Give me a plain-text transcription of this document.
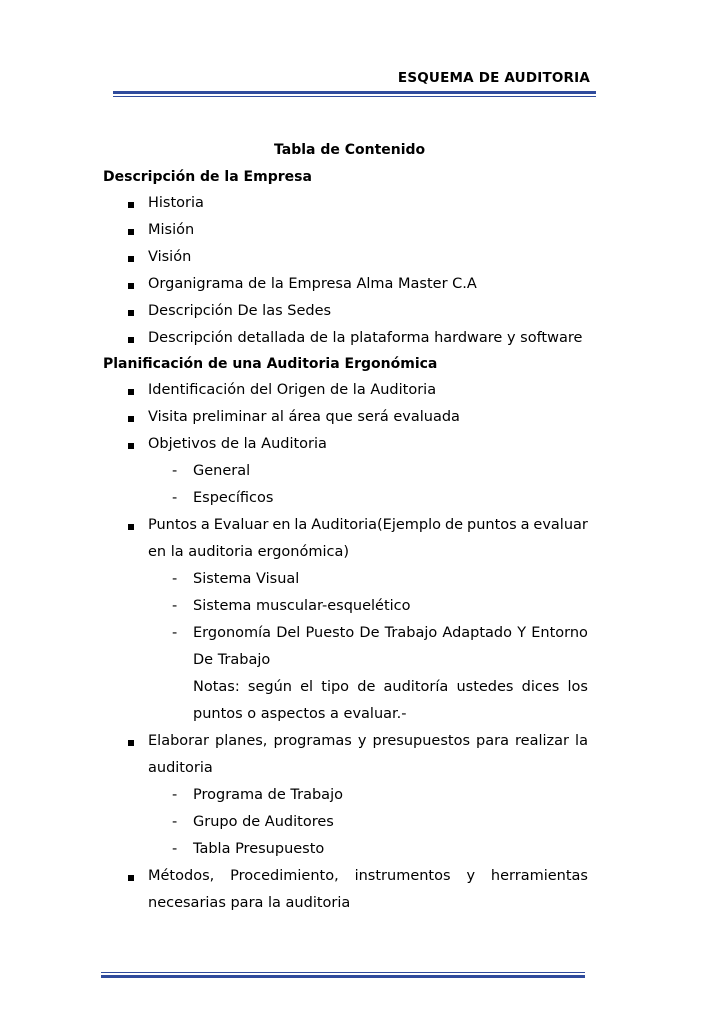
ESQUEMA DE AUDITORIA
Tabla de Contenido
Descripción de la Empresa
Historia
Misión
Visión
Organigrama de la Empresa Alma Master C.A
Descripción De las Sedes
Descripción detallada de la plataforma hardware y software
Planificación de una Auditoria Ergonómica
Identificación del Origen de la Auditoria
Visita preliminar al área que será evaluada
Objetivos de la Auditoria
- General
- Específicos
Puntos a Evaluar en la Auditoria(Ejemplo de puntos a evaluar
en la auditoria ergonómica)
- Sistema Visual
- Sistema muscular-esquelético
- Ergonomía Del Puesto De Trabajo Adaptado Y Entorno
De Trabajo
Notas: según el tipo de auditoría ustedes dices los
puntos o aspectos a evaluar.-
Elaborar planes, programas y presupuestos para realizar la
auditoria
- Programa de Trabajo
- Grupo de Auditores
- Tabla Presupuesto
Métodos, Procedimiento, instrumentos y herramientas
necesarias para la auditoria
